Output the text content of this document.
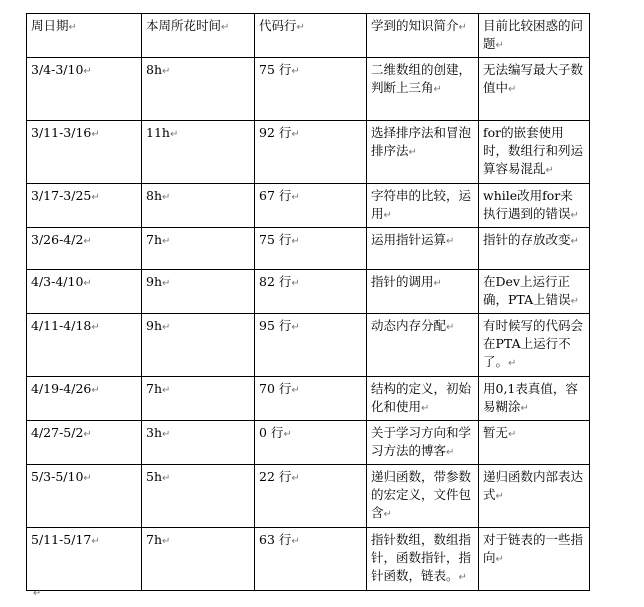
周日期↵	本周所花时间↵	代码行↵	学到的知识简介↵	目前比较困惑的问题↵
3/4-3/10↵	8h↵	75 行↵	二维数组的创建，判断上三角↵	无法编写最大子数值中↵
3/11-3/16↵	11h↵	92 行↵	选择排序法和冒泡排序法↵	for的嵌套使用时，数组行和列运算容易混乱↵
3/17-3/25↵	8h↵	67 行↵	字符串的比较，运用↵	while改用for来执行遇到的错误↵
3/26-4/2↵	7h↵	75 行↵	运用指针运算↵	指针的存放改变↵
4/3-4/10↵	9h↵	82 行↵	指针的调用↵	在Dev上运行正确，PTA上错误↵
4/11-4/18↵	9h↵	95 行↵	动态内存分配↵	有时候写的代码会在PTA上运行不了。↵
4/19-4/26↵	7h↵	70 行↵	结构的定义，初始化和使用↵	用0,1表真值，容易糊涂↵
4/27-5/2↵	3h↵	0 行↵	关于学习方向和学习方法的博客↵	暂无↵
5/3-5/10↵	5h↵	22 行↵	递归函数，带参数的宏定义，文件包含↵	递归函数内部表达式↵
5/11-5/17↵	7h↵	63 行↵	指针数组，数组指针，函数指针，指针函数，链表。↵	对于链表的一些指向↵
↵
